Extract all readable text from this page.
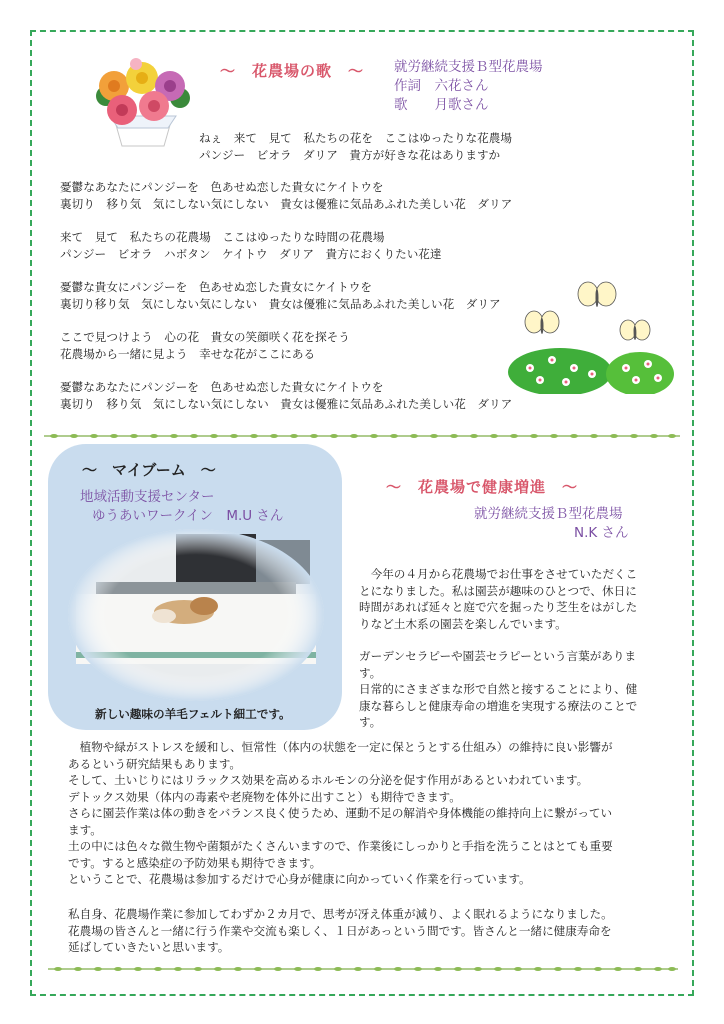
～　花農場の歌　～ 就労継続支援Ｂ型花農場
作詞　六花さん
歌　　月歌さん
ねぇ　来て　見て　私たちの花を　ここはゆったりな花農場
パンジー　ビオラ　ダリア　貴方が好きな花はありますか
憂鬱なあなたにパンジーを　色あせぬ恋した貴女にケイトウを
裏切り　移り気　気にしない気にしない　貴女は優雅に気品あふれた美しい花　ダリア
来て　見て　私たちの花農場　ここはゆったりな時間の花農場
パンジー　ビオラ　ハボタン　ケイトウ　ダリア　貴方におくりたい花達
憂鬱な貴女にパンジーを　色あせぬ恋した貴女にケイトウを
裏切り移り気　気にしない気にしない　貴女は優雅に気品あふれた美しい花　ダリア
ここで見つけよう　心の花　貴女の笑顔咲く花を探そう
花農場から一緒に見よう　幸せな花がここにある
憂鬱なあなたにパンジーを　色あせぬ恋した貴女にケイトウを
裏切り　移り気　気にしない気にしない　貴女は優雅に気品あふれた美しい花　ダリア
～　マイブーム　～
地域活動支援センター
ゆうあいワークイン　M.U さん
新しい趣味の羊毛フェルト細工です。
～　花農場で健康増進　～
就労継続支援Ｂ型花農場
N.K さん
　今年の４月から花農場でお仕事をさせていただくこ
とになりました。私は園芸が趣味のひとつで、休日に
時間があれば延々と庭で穴を掘ったり芝生をはがした
りなど土木系の園芸を楽しんでいます。
ガーデンセラピーや園芸セラピーという言葉がありま
す。
日常的にさまざまな形で自然と接することにより、健
康な暮らしと健康寿命の増進を実現する療法のことで
す。
　植物や緑がストレスを緩和し、恒常性（体内の状態を一定に保とうとする仕組み）の維持に良い影響が
あるという研究結果もあります。
そして、土いじりにはリラックス効果を高めるホルモンの分泌を促す作用があるといわれています。
デトックス効果（体内の毒素や老廃物を体外に出すこと）も期待できます。
さらに園芸作業は体の動きをバランス良く使うため、運動不足の解消や身体機能の維持向上に繋がってい
ます。
土の中には色々な微生物や菌類がたくさんいますので、作業後にしっかりと手指を洗うことはとても重要
です。すると感染症の予防効果も期待できます。
ということで、花農場は参加するだけで心身が健康に向かっていく作業を行っています。
私自身、花農場作業に参加してわずか２カ月で、思考が冴え体重が減り、よく眠れるようになりました。
花農場の皆さんと一緒に行う作業や交流も楽しく、１日があっという間です。皆さんと一緒に健康寿命を
延ばしていきたいと思います。
